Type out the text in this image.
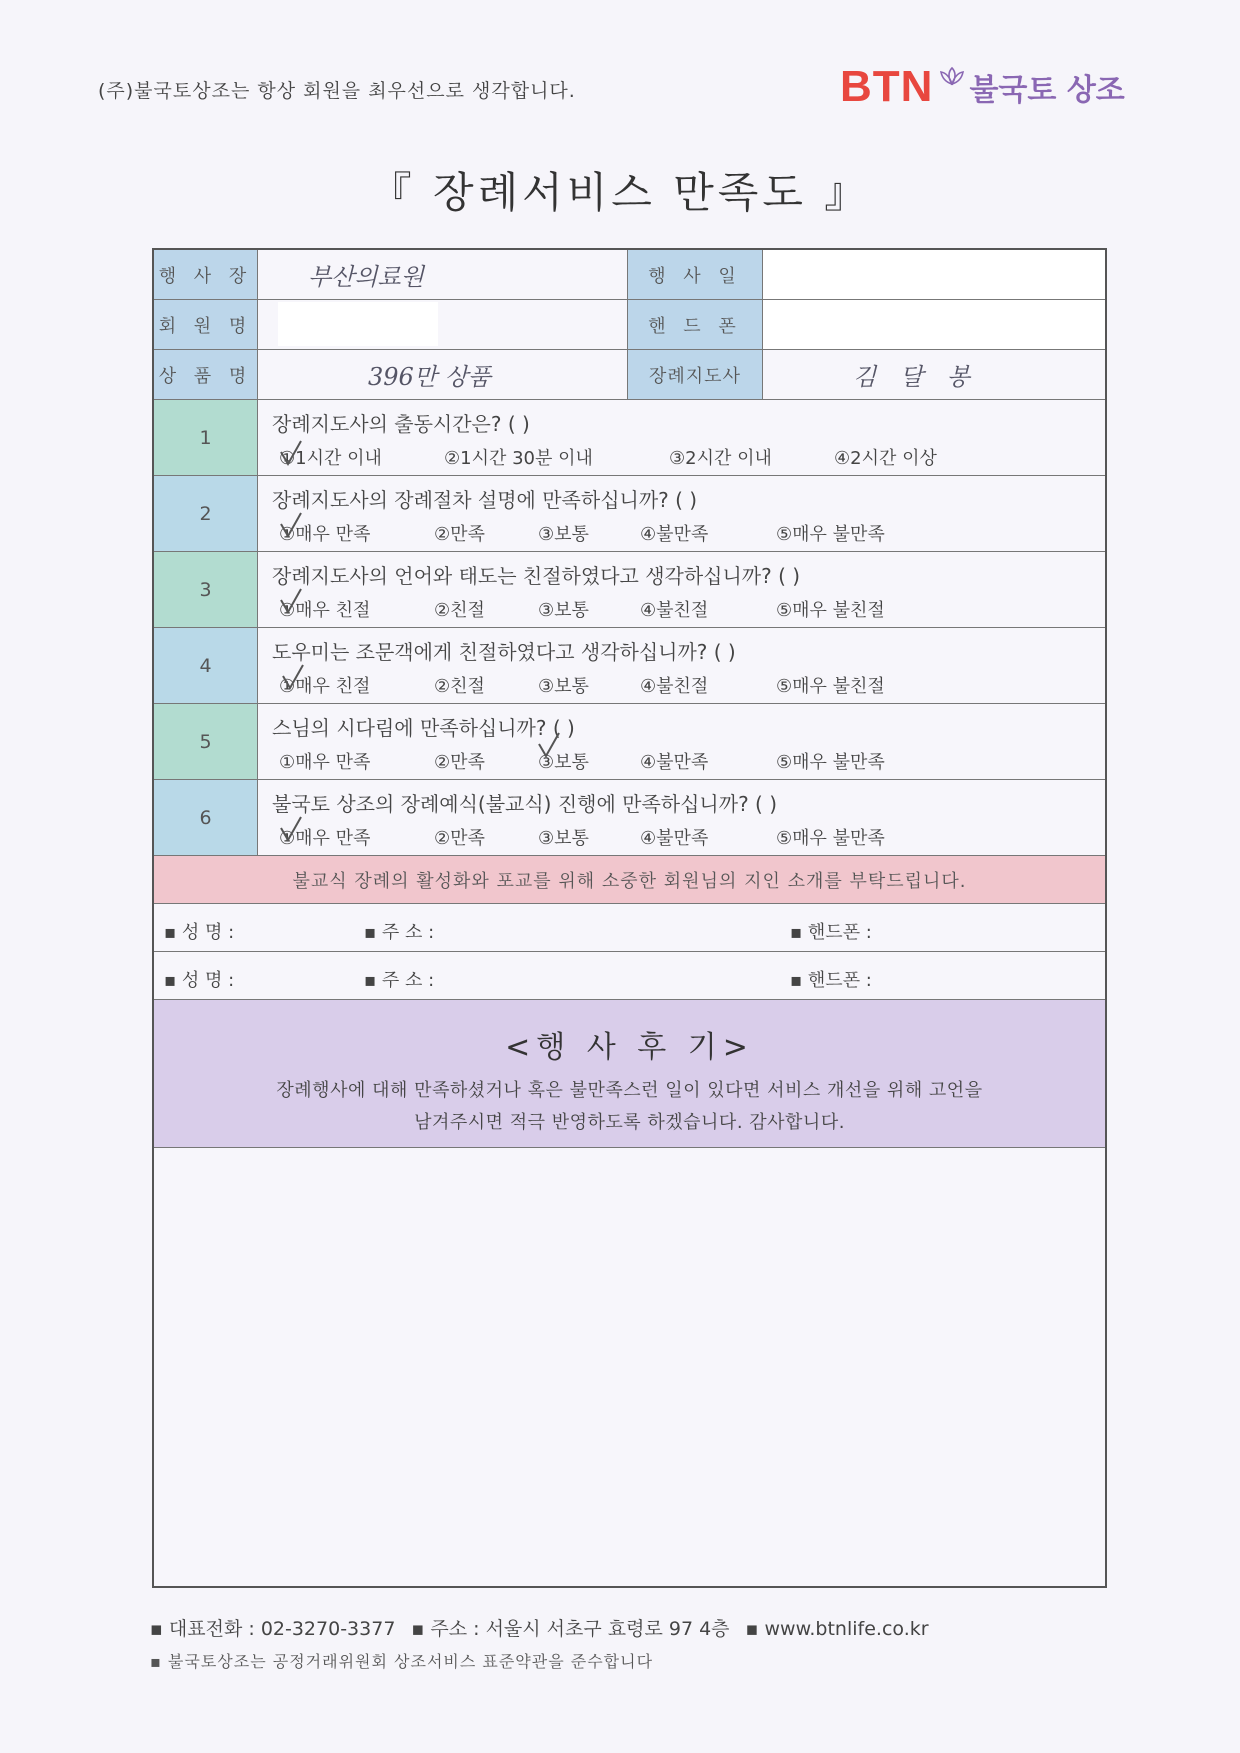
(주)불국토상조는 항상 회원을 최우선으로 생각합니다.	BTN 불국토 상조
『 장례서비스 만족도 』
행 사 장 부산의료원	행 사 일
회 원 명	핸 드 폰
상 품 명	396만 상품	장례지도사	김 달 봉
1
장례지도사의 출동시간은? ( )
①1시간 이내	②1시간 30분 이내	③2시간 이내	④2시간 이상
2
장례지도사의 장례절차 설명에 만족하십니까? ( )
①매우 만족	②만족	③보통	④불만족	⑤매우 불만족
3
장례지도사의 언어와 태도는 친절하였다고 생각하십니까? ( )
①매우 친절	②친절	③보통	④불친절	⑤매우 불친절
4
도우미는 조문객에게 친절하였다고 생각하십니까? ( )
①매우 친절	②친절	③보통	④불친절	⑤매우 불친절
5
스님의 시다림에 만족하십니까? ( )
①매우 만족	②만족	③보통	④불만족	⑤매우 불만족
6
불국토 상조의 장례예식(불교식) 진행에 만족하십니까? ( )
①매우 만족	②만족	③보통	④불만족	⑤매우 불만족
불교식 장례의 활성화와 포교를 위해 소중한 회원님의 지인 소개를 부탁드립니다.
▪ 성 명 :	▪ 주 소 :	▪ 핸드폰 :
▪ 성 명 :	▪ 주 소 :	▪ 핸드폰 :
<행 사 후 기>
장례행사에 대해 만족하셨거나 혹은 불만족스런 일이 있다면 서비스 개선을 위해 고언을
남겨주시면 적극 반영하도록 하겠습니다. 감사합니다.
▪ 대표전화 : 02-3270-3377 ▪ 주소 : 서울시 서초구 효령로 97 4층 ▪ www.btnlife.co.kr
▪ 불국토상조는 공정거래위원회 상조서비스 표준약관을 준수합니다
